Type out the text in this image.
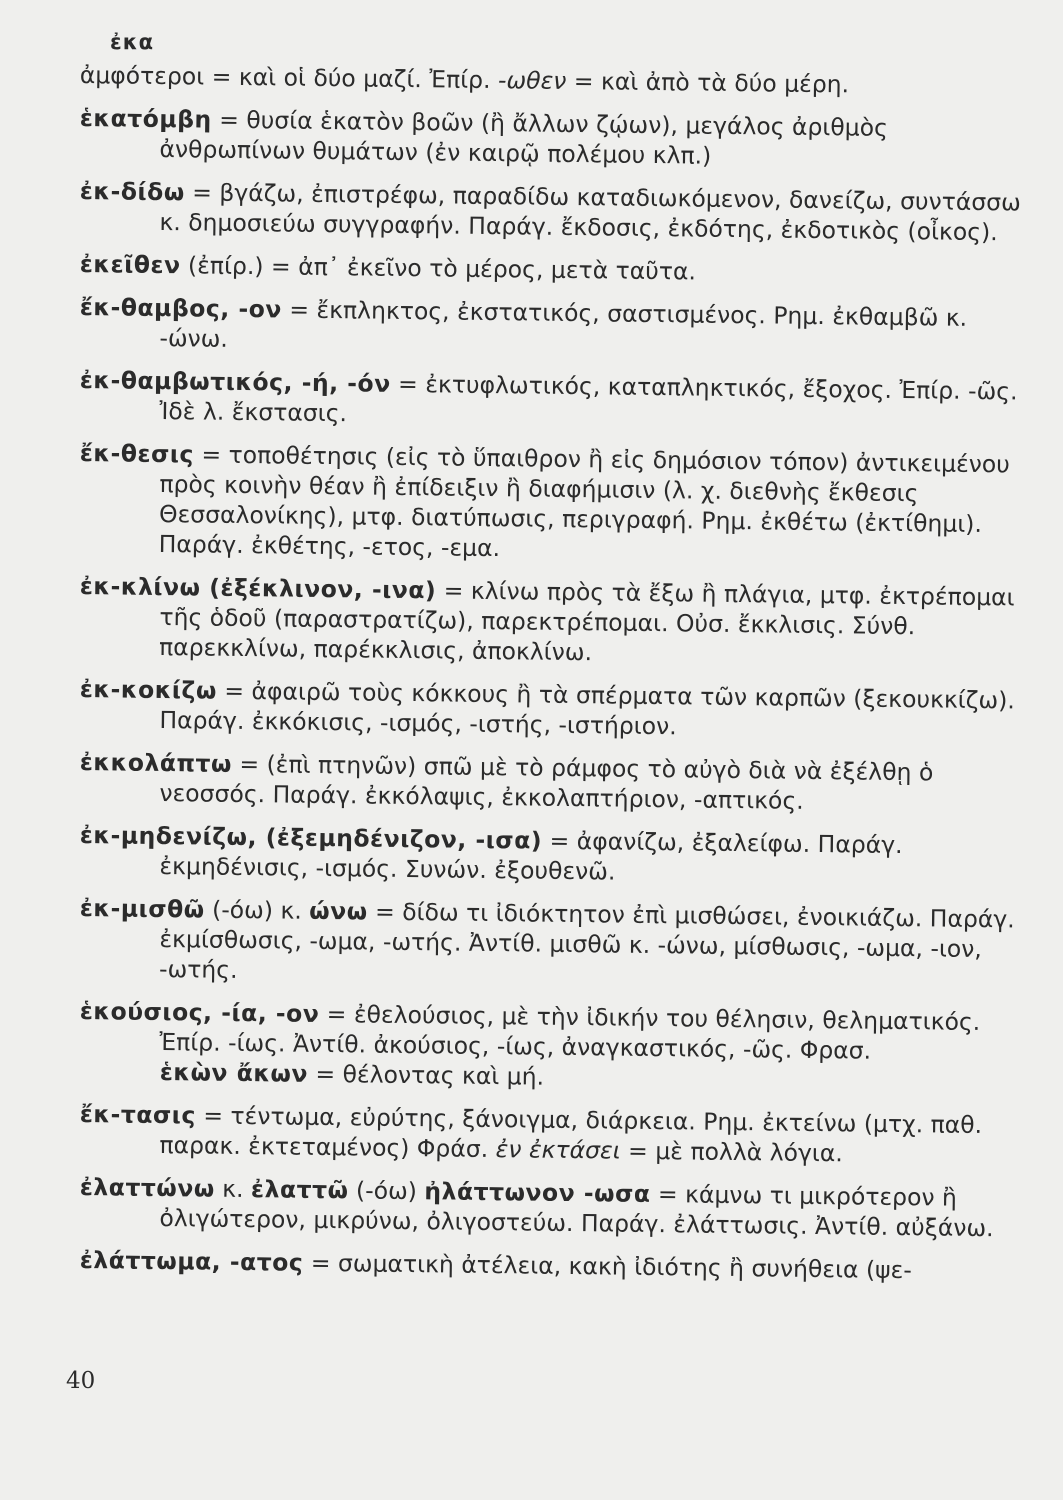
ἐκα
ἀμφότεροι = καὶ οἱ δύο μαζί. Ἐπίρ. -ωθεν = καὶ ἀπὸ τὰ δύο μέρη.
ἑκατόμβη = θυσία ἑκατὸν βοῶν (ἢ ἄλλων ζῴων), μεγάλος ἀριθμὸς ἀνθρωπίνων θυμάτων (ἐν καιρῷ πολέμου κλπ.)
ἐκ-δίδω = βγάζω, ἐπιστρέφω, παραδίδω καταδιωκόμενον, δανείζω, συντάσσω κ. δημοσιεύω συγγραφήν. Παράγ. ἔκδοσις, ἐκδότης, ἐκδοτικὸς (οἶκος).
ἐκεῖθεν (ἐπίρ.) = ἀπ᾽ ἐκεῖνο τὸ μέρος, μετὰ ταῦτα.
ἔκ-θαμβος, -ον = ἔκπληκτος, ἐκστατικός, σαστισμένος. Ρημ. ἐκθαμβῶ κ. -ώνω.
ἐκ-θαμβωτικός, -ή, -όν = ἐκτυφλωτικός, καταπληκτικός, ἔξοχος. Ἐπίρ. -ῶς. Ἰδὲ λ. ἔκστασις.
ἔκ-θεσις = τοποθέτησις (εἰς τὸ ὕπαιθρον ἢ εἰς δημόσιον τόπον) ἀντικειμένου πρὸς κοινὴν θέαν ἢ ἐπίδειξιν ἢ διαφήμισιν (λ. χ. διεθνὴς ἔκθεσις Θεσσαλονίκης), μτφ. διατύπωσις, περιγραφή. Ρημ. ἐκθέτω (ἐκτίθημι). Παράγ. ἐκθέτης, -ετος, -εμα.
ἐκ-κλίνω (ἐξέκλινον, -ινα) = κλίνω πρὸς τὰ ἔξω ἢ πλάγια, μτφ. ἐκτρέπομαι τῆς ὁδοῦ (παραστρατίζω), παρεκτρέπομαι. Οὐσ. ἔκκλισις. Σύνθ. παρεκκλίνω, παρέκκλισις, ἀποκλίνω.
ἐκ-κοκίζω = ἀφαιρῶ τοὺς κόκκους ἢ τὰ σπέρματα τῶν καρπῶν (ξεκουκκίζω). Παράγ. ἐκκόκισις, -ισμός, -ιστής, -ιστήριον.
ἐκκολάπτω = (ἐπὶ πτηνῶν) σπῶ μὲ τὸ ράμφος τὸ αὐγὸ διὰ νὰ ἐξέλθῃ ὁ νεοσσός. Παράγ. ἐκκόλαψις, ἐκκολαπτήριον, -απτικός.
ἐκ-μηδενίζω, (ἐξεμηδένιζον, -ισα) = ἀφανίζω, ἐξαλείφω. Παράγ. ἐκμηδένισις, -ισμός. Συνών. ἐξουθενῶ.
ἐκ-μισθῶ (-όω) κ. ώνω = δίδω τι ἰδιόκτητον ἐπὶ μισθώσει, ἐνοικιάζω. Παράγ. ἐκμίσθωσις, -ωμα, -ωτής. Ἀντίθ. μισθῶ κ. -ώνω, μίσθωσις, -ωμα, -ιον, -ωτής.
ἑκούσιος, -ία, -ον = ἐθελούσιος, μὲ τὴν ἰδικήν του θέλησιν, θεληματικός. Ἐπίρ. -ίως. Ἀντίθ. ἀκούσιος, -ίως, ἀναγκαστικός, -ῶς. Φρασ.
ἑκὼν ἄκων = θέλοντας καὶ μή.
ἔκ-τασις = τέντωμα, εὐρύτης, ξάνοιγμα, διάρκεια. Ρημ. ἐκτείνω (μτχ. παθ. παρακ. ἐκτεταμένος) Φράσ. ἐν ἐκτάσει = μὲ πολλὰ λόγια.
ἐλαττώνω κ. ἐλαττῶ (-όω) ἠλάττωνον -ωσα = κάμνω τι μικρότερον ἢ ὀλιγώτερον, μικρύνω, ὀλιγοστεύω. Παράγ. ἐλάττωσις. Ἀντίθ. αὐξάνω.
ἐλάττωμα, -ατος = σωματικὴ ἀτέλεια, κακὴ ἰδιότης ἢ συνήθεια (ψε-
40
